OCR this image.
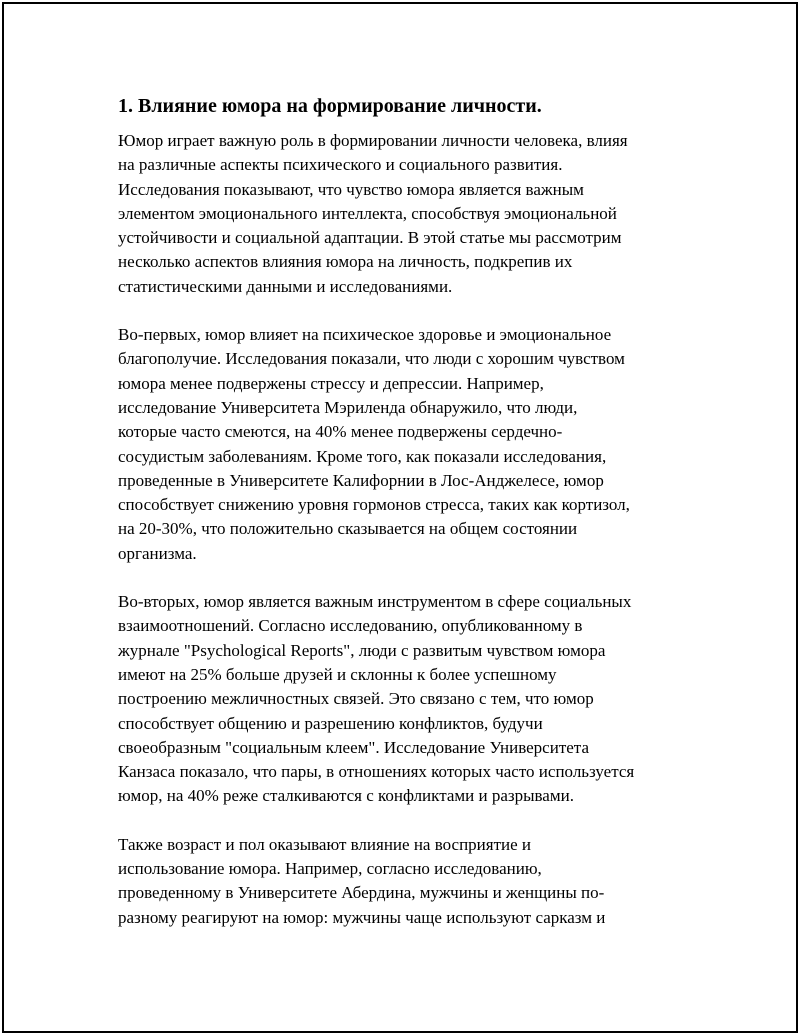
1. Влияние юмора на формирование личности.
Юмор играет важную роль в формировании личности человека, влияя
на различные аспекты психического и социального развития.
Исследования показывают, что чувство юмора является важным
элементом эмоционального интеллекта, способствуя эмоциональной
устойчивости и социальной адаптации. В этой статье мы рассмотрим
несколько аспектов влияния юмора на личность, подкрепив их
статистическими данными и исследованиями.
Во-первых, юмор влияет на психическое здоровье и эмоциональное
благополучие. Исследования показали, что люди с хорошим чувством
юмора менее подвержены стрессу и депрессии. Например,
исследование Университета Мэриленда обнаружило, что люди,
которые часто смеются, на 40% менее подвержены сердечно-
сосудистым заболеваниям. Кроме того, как показали исследования,
проведенные в Университете Калифорнии в Лос-Анджелесе, юмор
способствует снижению уровня гормонов стресса, таких как кортизол,
на 20-30%, что положительно сказывается на общем состоянии
организма.
Во-вторых, юмор является важным инструментом в сфере социальных
взаимоотношений. Согласно исследованию, опубликованному в
журнале "Psychological Reports", люди с развитым чувством юмора
имеют на 25% больше друзей и склонны к более успешному
построению межличностных связей. Это связано с тем, что юмор
способствует общению и разрешению конфликтов, будучи
своеобразным "социальным клеем". Исследование Университета
Канзаса показало, что пары, в отношениях которых часто используется
юмор, на 40% реже сталкиваются с конфликтами и разрывами.
Также возраст и пол оказывают влияние на восприятие и
использование юмора. Например, согласно исследованию,
проведенному в Университете Абердина, мужчины и женщины по-
разному реагируют на юмор: мужчины чаще используют сарказм и
